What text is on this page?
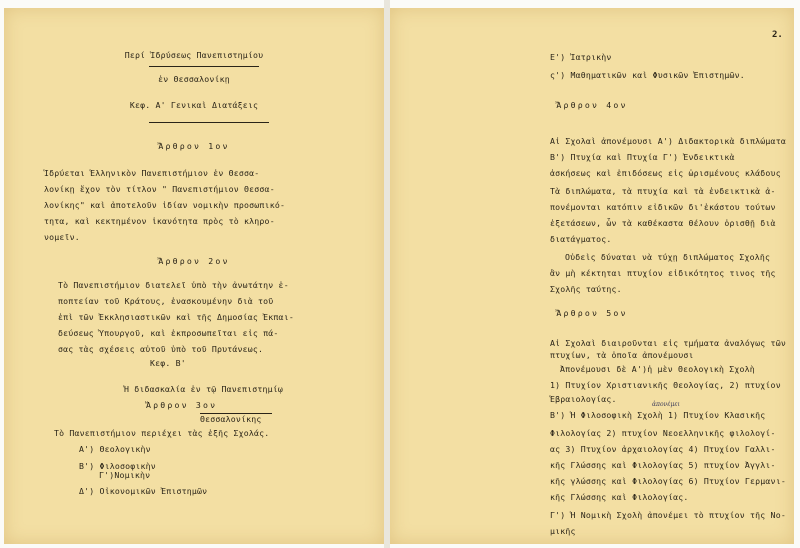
Περί Ἱδρύσεως Πανεπιστημίου
ἐν Θεσσαλονίκῃ
Κεφ. Α' Γενικαὶ Διατάξεις
Ἄρθρον 1ον
Ἱδρύεται Ἑλληνικὸν Πανεπιστήμιον ἐν Θεσσα-
λονίκῃ ἔχον τὸν τίτλον " Πανεπιστήμιον Θεσσα-
λονίκης" καὶ ἀποτελοῦν ἰδίαν νομικὴν προσωπικό-
τητα, καὶ κεκτημένον ἱκανότητα πρὸς τὸ κληρο-
νομεῖν.
Ἄρθρον 2ον
Τὸ Πανεπιστήμιον διατελεῖ ὑπὸ τὴν ἀνωτάτην ἐ-
ποπτείαν τοῦ Κράτους, ἐνασκουμένην διὰ τοῦ
ἐπὶ τῶν Ἐκκλησιαστικῶν καὶ τῆς Δημοσίας Ἐκπαι-
δεύσεως Ὑπουργοῦ, καὶ ἐκπροσωπεῖται εἰς πά-
σας τὰς σχέσεις αὐτοῦ ὑπὸ τοῦ Πρυτάνεως.
Κεφ. Β'
Ἡ διδασκαλία ἐν τῷ Πανεπιστημίῳ
Ἄρθρον 3ον
Θεσσαλονίκης
Τὸ Πανεπιστήμιον περιέχει τὰς ἑξῆς Σχολάς.
Α') Θεολογικὴν
Β') Φιλοσοφικὴν
Γ')Νομικὴν
Δ') Οἰκονομικῶν Ἐπιστημῶν
2.
Ε') Ἰατρικὴν
ς') Μαθηματικῶν καὶ Φυσικῶν Ἐπιστημῶν.
Ἄρθρον 4ον
Αἱ Σχολαὶ ἀπονέμουσι Α') Διδακτορικὰ διπλώματα
Β') Πτυχία καὶ Πτυχία Γ') Ἐνδεικτικὰ
ἀσκήσεως καὶ ἐπιδόσεως εἰς ὡρισμένους κλάδους
Τὰ διπλώματα, τὰ πτυχία καὶ τὰ ἐνδεικτικὰ ἀ-
πονέμονται κατόπιν εἰδικῶν δι'ἑκάστου τούτων
ἐξετάσεων, ὧν τὰ καθέκαστα θέλουν ὁρισθῇ διὰ
διατάγματος.
Οὐδεὶς δύναται νὰ τύχῃ διπλώματος Σχολῆς
ἂν μὴ κέκτηται πτυχίον εἰδικότητος τινος τῆς
Σχολῆς ταύτης.
Ἄρθρον 5ον
Αἱ Σχολαὶ διαιροῦνται εἰς τμήματα ἀναλόγως τῶν
πτυχίων, τὰ ὁποῖα ἀπονέμουσι
Ἀπονέμουσι δὲ Α')ἡ μὲν Θεολογικὴ Σχολὴ
1) Πτυχίον Χριστιανικῆς Θεολογίας, 2) πτυχίον
Ἑβραιολογίας.
ἀπονέμει
Β') Ἡ Φιλοσοφικὴ Σχολὴ 1) Πτυχίον Κλασικῆς
Φιλολογίας 2) πτυχίον Νεοελληνικῆς φιλολογί-
ας 3) Πτυχίον ἀρχαιολογίας 4) Πτυχίον Γαλλι-
κῆς Γλώσσης καὶ Φιλολογίας 5) πτυχίον Ἀγγλι-
κῆς γλώσσης καὶ Φιλολογίας 6) Πτυχίον Γερμανι-
κῆς Γλώσσης καὶ Φιλολογίας.
Γ') Ἡ Νομικὴ Σχολὴ ἀπονέμει τὸ πτυχίον τῆς Νο-
μικῆς
